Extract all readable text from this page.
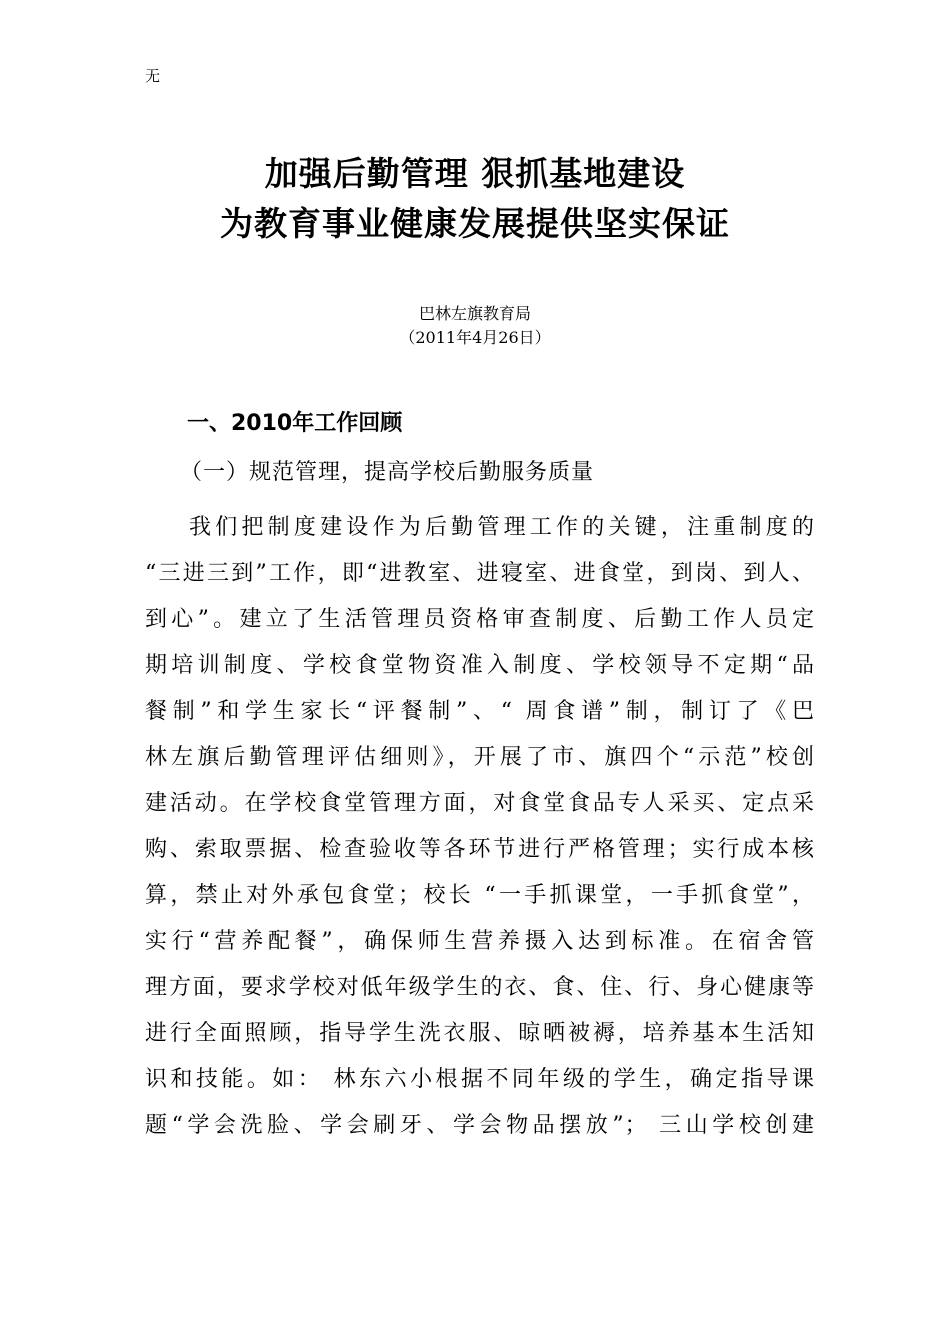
无
加强后勤管理 狠抓基地建设
为教育事业健康发展提供坚实保证
巴林左旗教育局
（2011年4月26日）
一、2010年工作回顾
（一）规范管理，提高学校后勤服务质量
我们把制度建设作为后勤管理工作的关键，注重制度的
“三进三到”工作，即“进教室、进寝室、进食堂，到岗、到人、
到心”。建立了生活管理员资格审查制度、后勤工作人员定
期培训制度、学校食堂物资准入制度、学校领导不定期“品
餐制”和学生家长“评餐制”、“ 周食谱”制，制订了《巴
林左旗后勤管理评估细则》，开展了市、旗四个“示范”校创
建活动。在学校食堂管理方面，对食堂食品专人采买、定点采
购、索取票据、检查验收等各环节进行严格管理；实行成本核
算，禁止对外承包食堂；校长 “一手抓课堂，一手抓食堂”，
实行“营养配餐”，确保师生营养摄入达到标准。在宿舍管
理方面，要求学校对低年级学生的衣、食、住、行、身心健康等
进行全面照顾，指导学生洗衣服、晾晒被褥，培养基本生活知
识和技能。如： 林东六小根据不同年级的学生，确定指导课
题“学会洗脸、学会刷牙、学会物品摆放”； 三山学校创建
